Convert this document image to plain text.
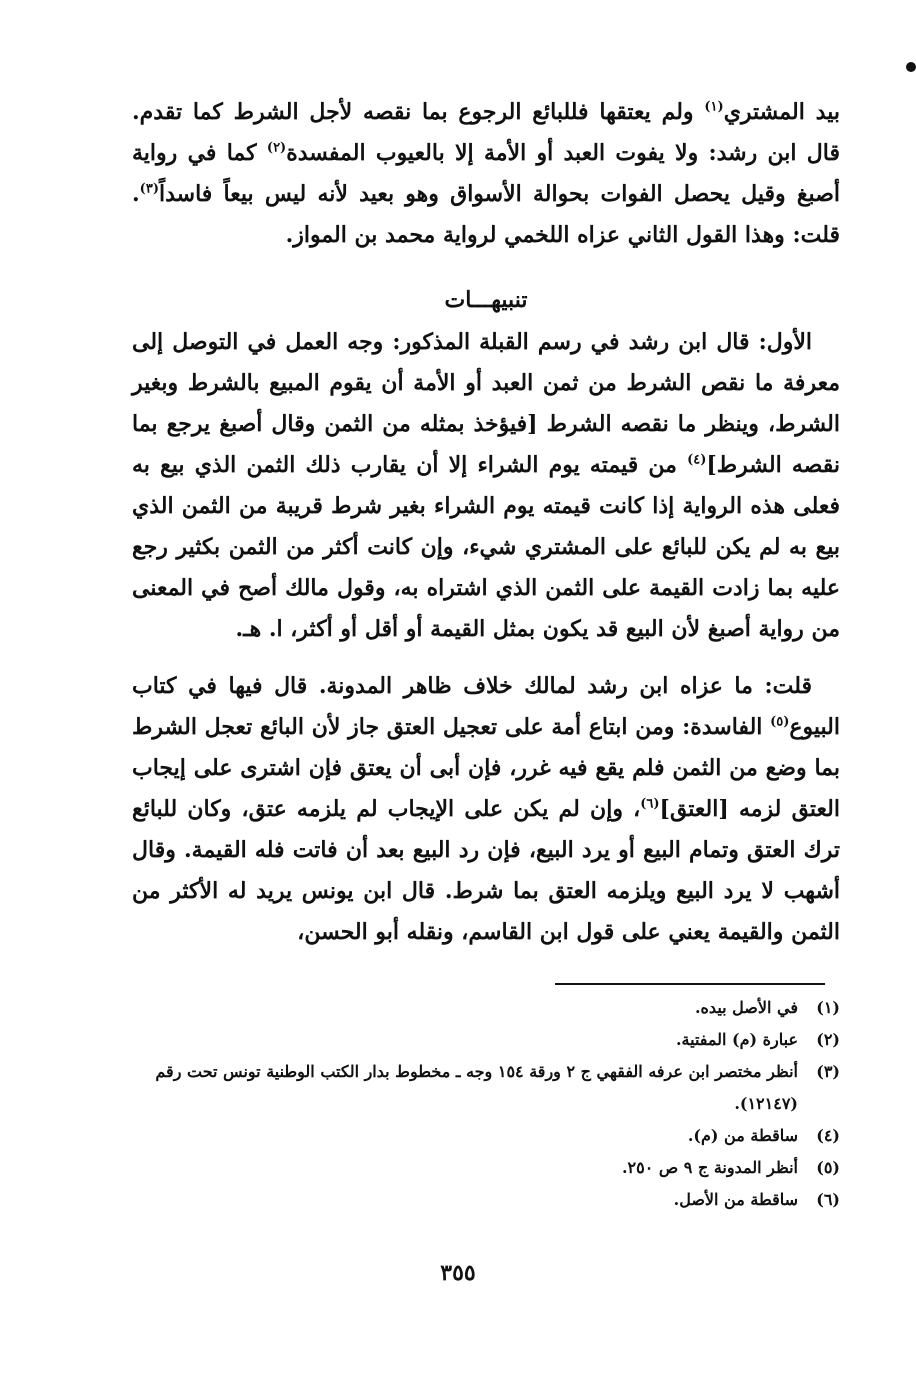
بيد المشتري$^{(١)}$ ولم يعتقها فللبائع الرجوع بما نقصه لأجل الشرط كما تقدم. قال ابن رشد: ولا يفوت العبد أو الأمة إلا بالعيوب المفسدة$^{(٢)}$ كما في رواية أصبغ وقيل يحصل الفوات بحوالة الأسواق وهو بعيد لأنه ليس بيعاً فاسداً$^{(٣)}$. قلت: وهذا القول الثاني عزاه اللخمي لرواية محمد بن المواز.

تنبيهـــات

الأول: قال ابن رشد في رسم القبلة المذكور: وجه العمل في التوصل إلى معرفة ما نقص الشرط من ثمن العبد أو الأمة أن يقوم المبيع بالشرط وبغير الشرط، وينظر ما نقصه الشرط [فيؤخذ بمثله من الثمن وقال أصبغ يرجع بما نقصه الشرط]$^{(٤)}$ من قيمته يوم الشراء إلا أن يقارب ذلك الثمن الذي بيع به فعلى هذه الرواية إذا كانت قيمته يوم الشراء بغير شرط قريبة من الثمن الذي بيع به لم يكن للبائع على المشتري شيء، وإن كانت أكثر من الثمن بكثير رجع عليه بما زادت القيمة على الثمن الذي اشتراه به، وقول مالك أصح في المعنى من رواية أصبغ لأن البيع قد يكون بمثل القيمة أو أقل أو أكثر، ا. هـ.

قلت: ما عزاه ابن رشد لمالك خلاف ظاهر المدونة. قال فيها في كتاب البيوع$^{(٥)}$ الفاسدة: ومن ابتاع أمة على تعجيل العتق جاز لأن البائع تعجل الشرط بما وضع من الثمن فلم يقع فيه غرر، فإن أبى أن يعتق فإن اشترى على إيجاب العتق لزمه [العتق]$^{(٦)}$، وإن لم يكن على الإيجاب لم يلزمه عتق، وكان للبائع ترك العتق وتمام البيع أو يرد البيع، فإن رد البيع بعد أن فاتت فله القيمة. وقال أشهب لا يرد البيع ويلزمه العتق بما شرط. قال ابن يونس يريد له الأكثر من الثمن والقيمة يعني على قول ابن القاسم، ونقله أبو الحسن،

(١)
في الأصل بيده.
(٢)
عبارة (م) المفتية.
(٣)
أنظر مختصر ابن عرفه الفقهي ج ٢ ورقة ١٥٤ وجه ـ مخطوط بدار الكتب الوطنية تونس تحت رقم (١٢١٤٧).
(٤)
ساقطة من (م).
(٥)
أنظر المدونة ج ٩ ص ٢٥٠.
(٦)
ساقطة من الأصل.
٣٥٥
